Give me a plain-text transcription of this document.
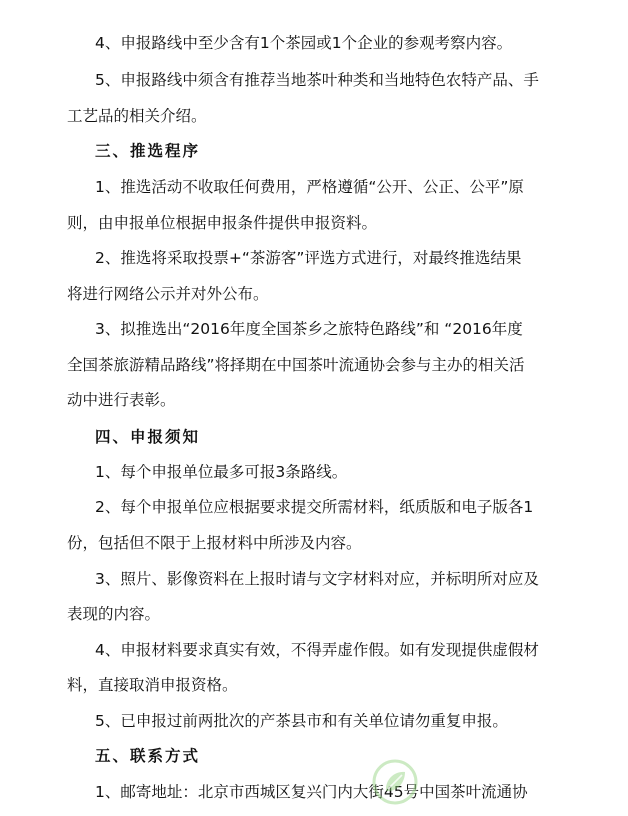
4、申报路线中至少含有1个茶园或1个企业的参观考察内容。
5、申报路线中须含有推荐当地茶叶种类和当地特色农特产品、手
工艺品的相关介绍。
三、推选程序
1、推选活动不收取任何费用，严格遵循“公开、公正、公平”原
则，由申报单位根据申报条件提供申报资料。
2、推选将采取投票+“茶游客”评选方式进行，对最终推选结果
将进行网络公示并对外公布。
3、拟推选出“2016年度全国茶乡之旅特色路线”和 “2016年度
全国茶旅游精品路线”将择期在中国茶叶流通协会参与主办的相关活
动中进行表彰。
四、申报须知
1、每个申报单位最多可报3条路线。
2、每个申报单位应根据要求提交所需材料，纸质版和电子版各1
份，包括但不限于上报材料中所涉及内容。
3、照片、影像资料在上报时请与文字材料对应，并标明所对应及
表现的内容。
4、申报材料要求真实有效，不得弄虚作假。如有发现提供虚假材
料，直接取消申报资格。
5、已申报过前两批次的产茶县市和有关单位请勿重复申报。
五、联系方式
1、邮寄地址：北京市西城区复兴门内大街45号中国茶叶流通协
